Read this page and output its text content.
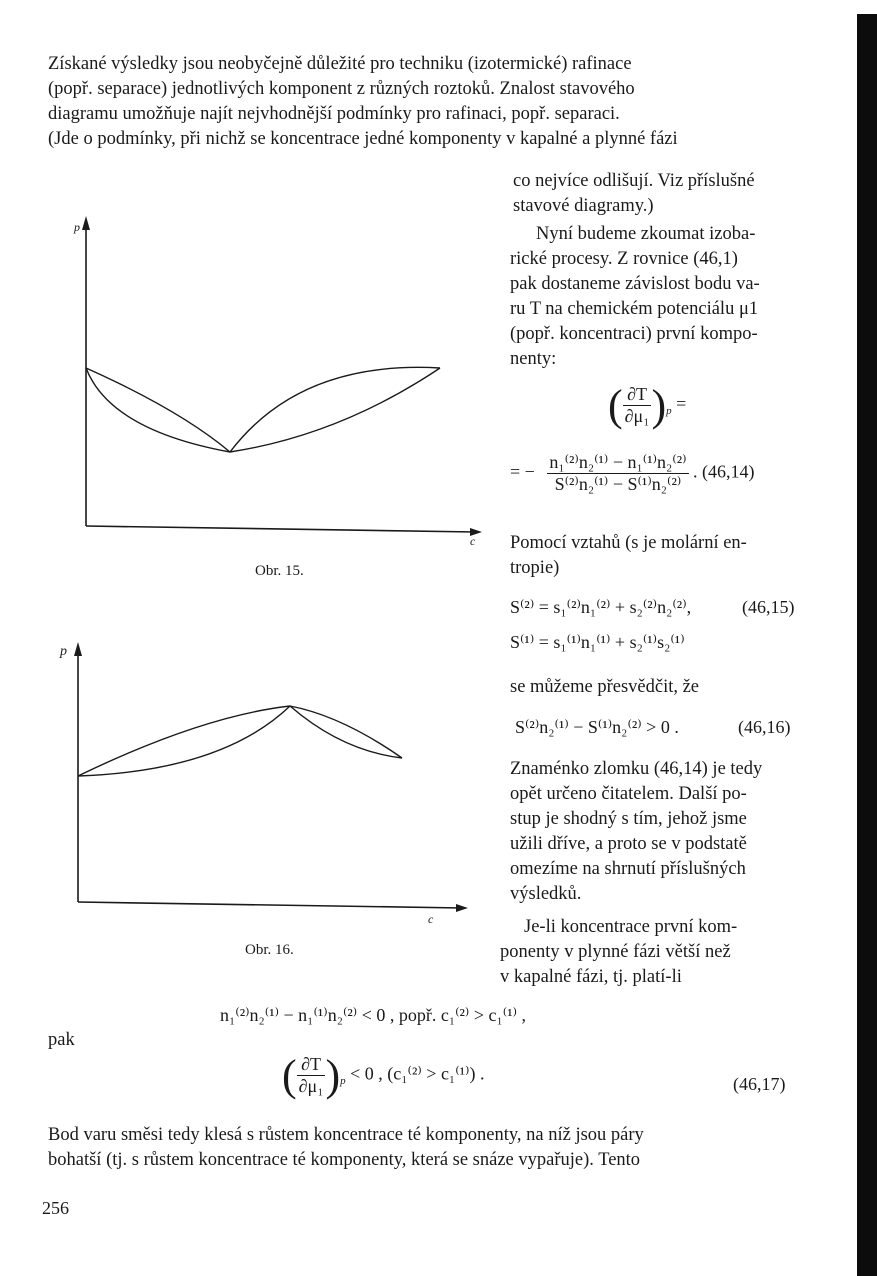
Získané výsledky jsou neobyčejně důležité pro techniku (izotermické) rafinace
(popř. separace) jednotlivých komponent z různých roztoků. Znalost stavového
diagramu umožňuje najít nejvhodnější podmínky pro rafinaci, popř. separaci.
(Jde o podmínky, při nichž se koncentrace jedné komponenty v kapalné a plynné fázi
co nejvíce odlišují. Viz příslušné
stavové diagramy.)
Nyní budeme zkoumat izoba-
rické procesy. Z rovnice (46,1)
pak dostaneme závislost bodu va-
ru T na chemickém potenciálu μ1
(popř. koncentraci) první kompo-
nenty:
( $\frac{\partial T}{\text{∂μ₁}} )_p$ =
= − $\frac{\text{n₁⁽²⁾n₂⁽¹⁾ − n₁⁽¹⁾n₂⁽²⁾}}{\text{S⁽²⁾n₂⁽¹⁾ − S⁽¹⁾n₂⁽²⁾}}$ . (46,14)
Pomocí vztahů (s je molární en-
tropie)
S⁽²⁾ = s₁⁽²⁾n₁⁽²⁾ + s₂⁽²⁾n₂⁽²⁾,	(46,15)
S⁽¹⁾ = s₁⁽¹⁾n₁⁽¹⁾ + s₂⁽¹⁾s₂⁽¹⁾
se můžeme přesvědčit, že
S⁽²⁾n₂⁽¹⁾ − S⁽¹⁾n₂⁽²⁾ > 0 .	(46,16)
Znaménko zlomku (46,14) je tedy
opět určeno čitatelem. Další po-
stup je shodný s tím, jehož jsme
užili dříve, a proto se v podstatě
omezíme na shrnutí příslušných
výsledků.
Je-li koncentrace první kom-
ponenty v plynné fázi větší než
v kapalné fázi, tj. platí-li
p
c
Obr. 15.
p
c
Obr. 16.
n₁⁽²⁾n₂⁽¹⁾ − n₁⁽¹⁾n₂⁽²⁾ < 0 , popř. c₁⁽²⁾ > c₁⁽¹⁾ ,
pak
( $\frac{\partial T}{\text{∂μ₁}} )_p < 0$ , (c₁⁽²⁾ > c₁⁽¹⁾) .
(46,17)
Bod varu směsi tedy klesá s růstem koncentrace té komponenty, na níž jsou páry
bohatší (tj. s růstem koncentrace té komponenty, která se snáze vypařuje). Tento
256
